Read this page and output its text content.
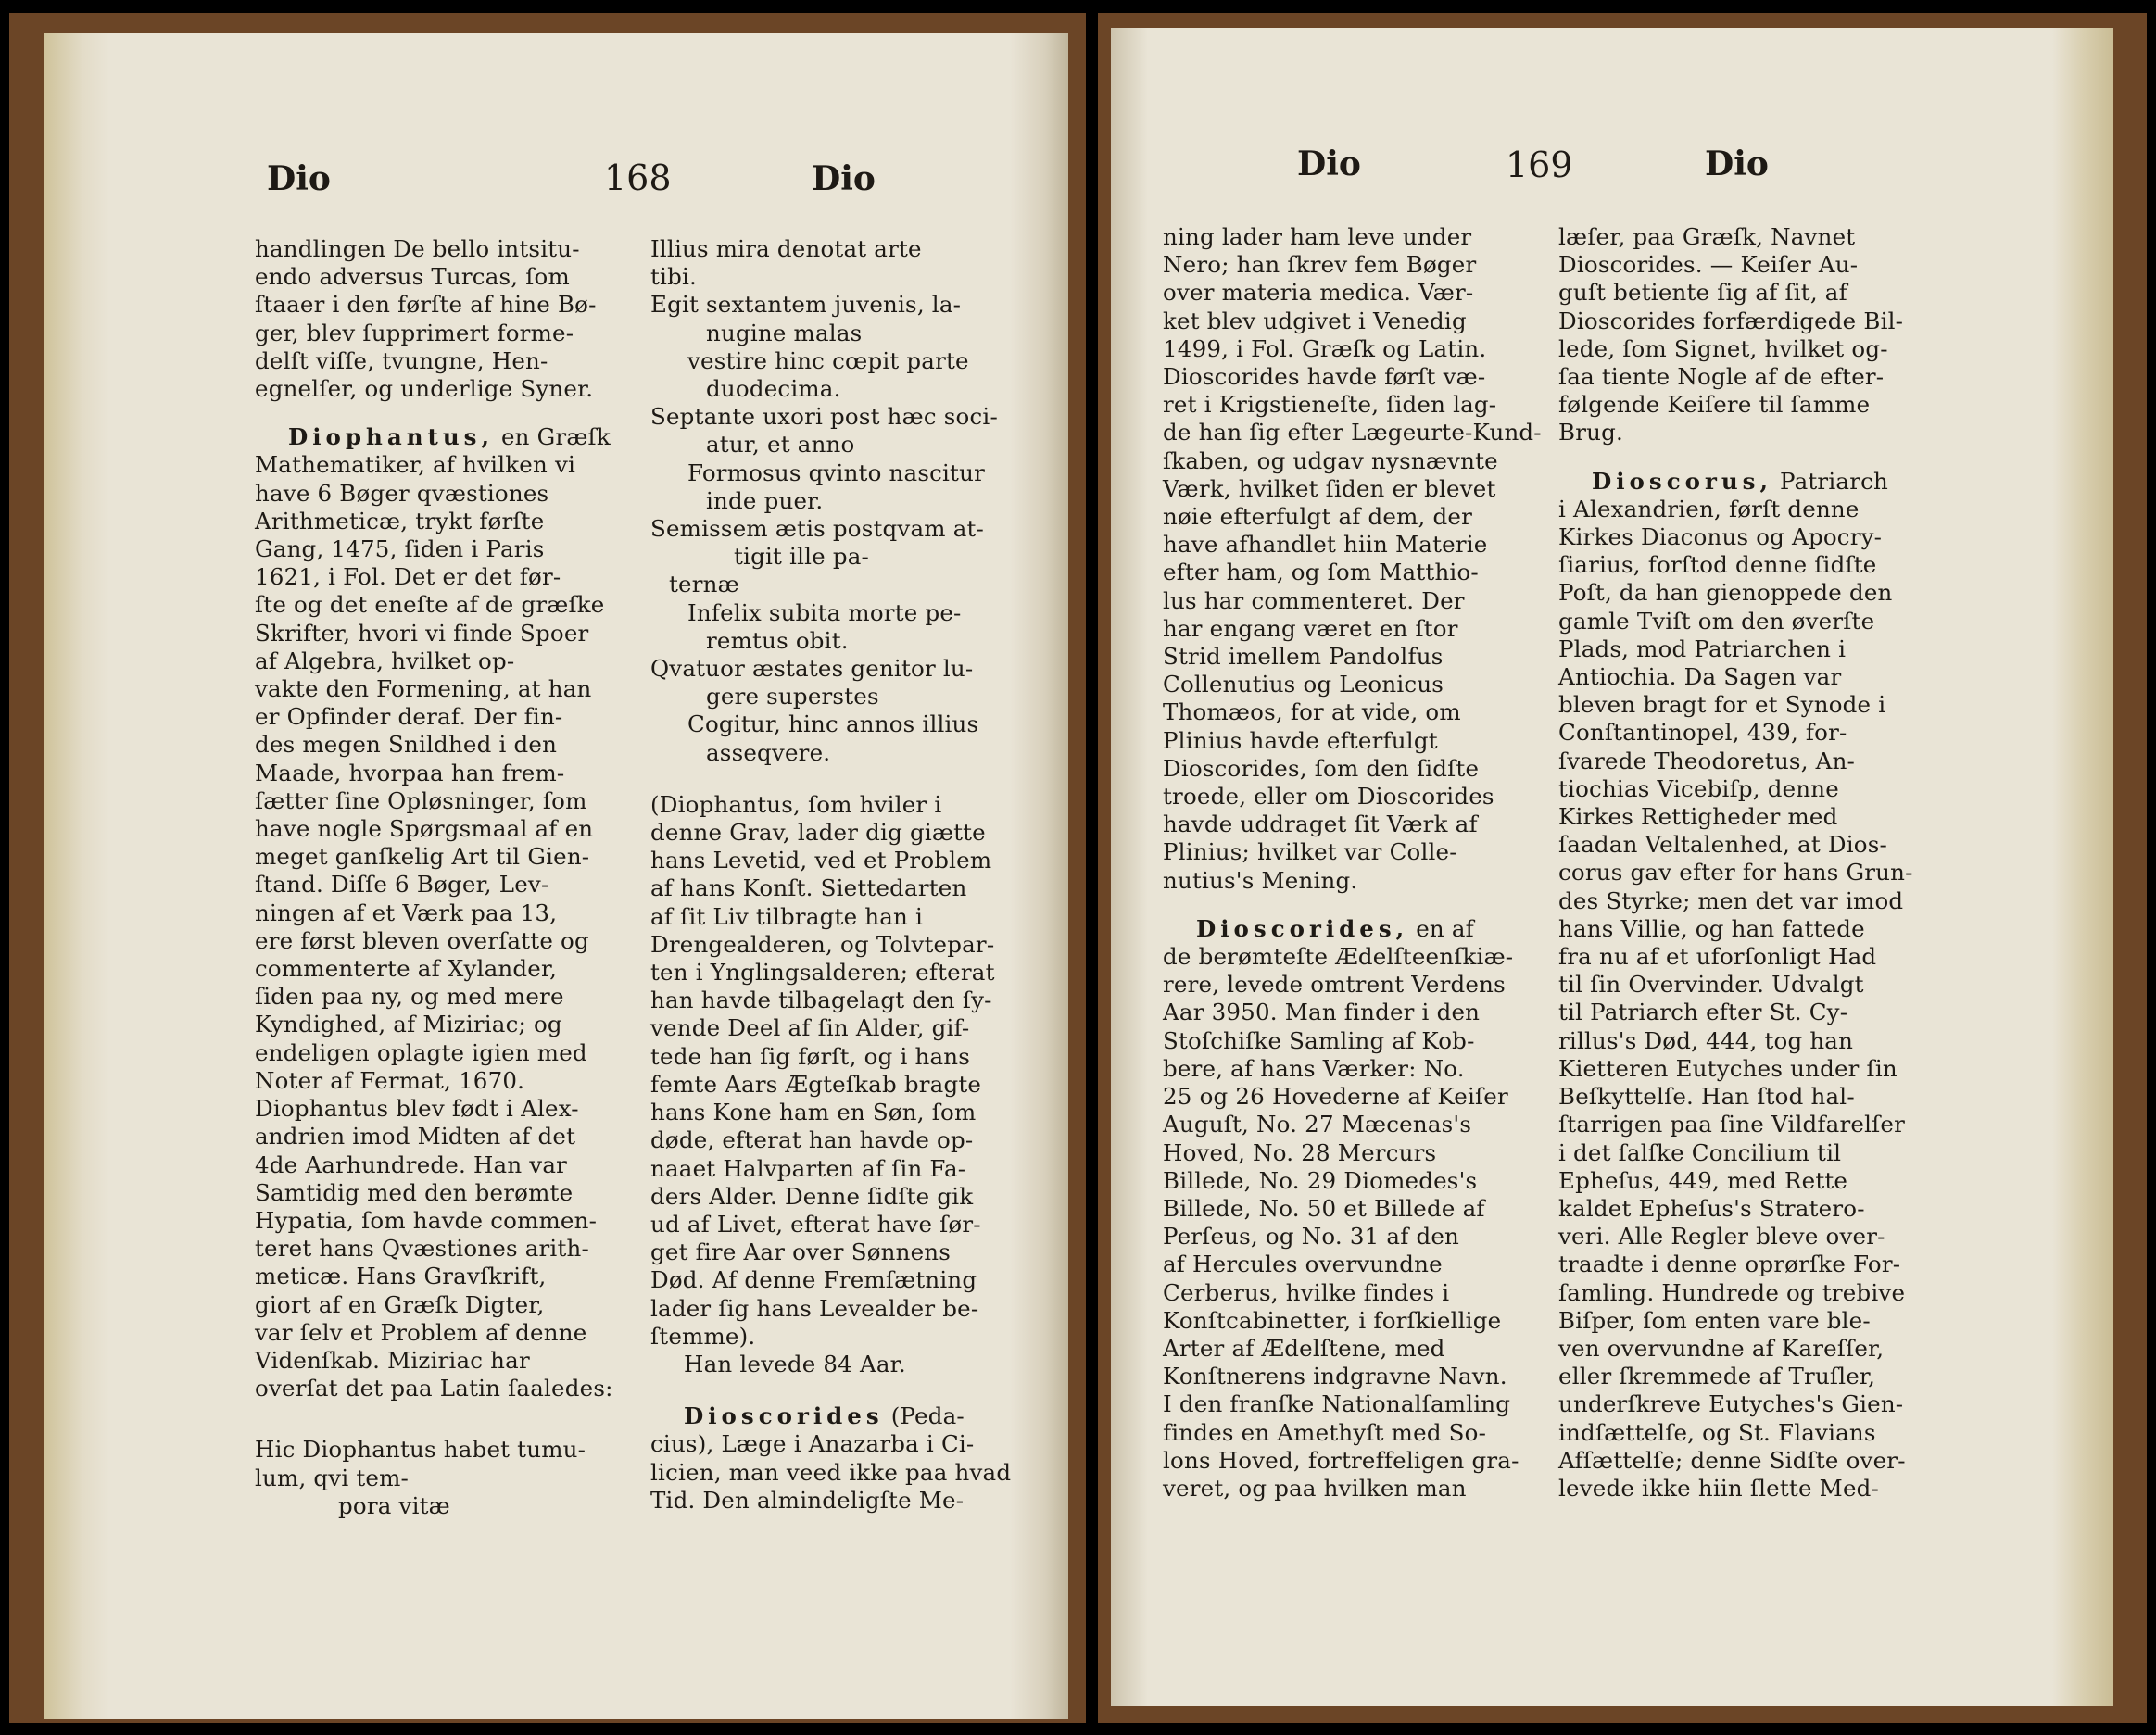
Dio	168	Dio

handlingen De bello intsitu-

endo adversus Turcas, ſom

ſtaaer i den førſte af hine Bø-

ger, blev ſupprimert forme-

delſt viſſe, tvungne, Hen-

egnelſer, og underlige Syner.

Diophantus, en Græſk

Mathematiker, af hvilken vi

have 6 Bøger qvæstiones

Arithmeticæ, trykt førſte

Gang, 1475, ſiden i Paris

1621, i Fol. Det er det før-

ſte og det eneſte af de græſke

Skrifter, hvori vi finde Spoer

af Algebra, hvilket op-

vakte den Formening, at han

er Opfinder deraf. Der fin-

des megen Snildhed i den

Maade, hvorpaa han frem-

ſætter ſine Opløsninger, ſom

have nogle Spørgsmaal af en

meget ganſkelig Art til Gien-

ſtand. Diſſe 6 Bøger, Lev-

ningen af et Værk paa 13,

ere først bleven overſatte og

commenterte af Xylander,

ſiden paa ny, og med mere

Kyndighed, af Miziriac; og

endeligen oplagte igien med

Noter af Fermat, 1670.

Diophantus blev født i Alex-

andrien imod Midten af det

4de Aarhundrede. Han var

Samtidig med den berømte

Hypatia, ſom havde commen-

teret hans Qvæstiones arith-

meticæ. Hans Gravſkrift,

giort af en Græſk Digter,

var ſelv et Problem af denne

Videnſkab. Miziriac har

overſat det paa Latin ſaaledes:

Hic Diophantus habet tumu-

lum, qvi tem-

pora vitæ

Illius mira denotat arte

tibi.

Egit sextantem juvenis, la-

nugine malas

vestire hinc cœpit parte

duodecima.

Septante uxori post hæc soci-

atur, et anno

Formosus qvinto nascitur

inde puer.

Semissem ætis postqvam at-

tigit ille pa-

ternæ

Infelix subita morte pe-

remtus obit.

Qvatuor æstates genitor lu-

gere superstes

Cogitur, hinc annos illius

asseqvere.

(Diophantus, ſom hviler i

denne Grav, lader dig giætte

hans Levetid, ved et Problem

af hans Konſt. Siettedarten

af ſit Liv tilbragte han i

Drengealderen, og Tolvtepar-

ten i Ynglingsalderen; efterat

han havde tilbagelagt den ſy-

vende Deel af ſin Alder, gif-

tede han ſig førſt, og i hans

femte Aars Ægteſkab bragte

hans Kone ham en Søn, ſom

døde, efterat han havde op-

naaet Halvparten af ſin Fa-

ders Alder. Denne ſidſte gik

ud af Livet, efterat have ſør-

get fire Aar over Sønnens

Død. Af denne Fremſætning

lader ſig hans Levealder be-

ſtemme).

Han levede 84 Aar.

Dioscorides (Peda-

cius), Læge i Anazarba i Ci-

licien, man veed ikke paa hvad

Tid. Den almindeligſte Me-

Dio	169	Dio

ning lader ham leve under

Nero; han ſkrev fem Bøger

over materia medica. Vær-

ket blev udgivet i Venedig

1499, i Fol. Græſk og Latin.

Dioscorides havde førſt væ-

ret i Krigstieneſte, ſiden lag-

de han ſig efter Lægeurte-Kund-

ſkaben, og udgav nysnævnte

Værk, hvilket ſiden er blevet

nøie efterfulgt af dem, der

have afhandlet hiin Materie

efter ham, og ſom Matthio-

lus har commenteret. Der

har engang været en ſtor

Strid imellem Pandolfus

Collenutius og Leonicus

Thomæos, for at vide, om

Plinius havde efterfulgt

Dioscorides, ſom den ſidſte

troede, eller om Dioscorides

havde uddraget ſit Værk af

Plinius; hvilket var Colle-

nutius's Mening.

Dioscorides, en af

de berømteſte Ædelſteenſkiæ-

rere, levede omtrent Verdens

Aar 3950. Man finder i den

Stoſchiſke Samling af Kob-

bere, af hans Værker: No.

25 og 26 Hovederne af Keiſer

Auguſt, No. 27 Mæcenas's

Hoved, No. 28 Mercurs

Billede, No. 29 Diomedes's

Billede, No. 50 et Billede af

Perſeus, og No. 31 af den

af Hercules overvundne

Cerberus, hvilke findes i

Konſtcabinetter, i forſkiellige

Arter af Ædelſtene, med

Konſtnerens indgravne Navn.

I den franſke Nationalſamling

findes en Amethyſt med So-

lons Hoved, fortreffeligen gra-

veret, og paa hvilken man

læſer, paa Græſk, Navnet

Dioscorides. — Keiſer Au-

guſt betiente ſig af ſit, af

Dioscorides forfærdigede Bil-

lede, ſom Signet, hvilket og-

ſaa tiente Nogle af de efter-

følgende Keiſere til ſamme

Brug.

Dioscorus, Patriarch

i Alexandrien, førſt denne

Kirkes Diaconus og Apocry-

ſiarius, forſtod denne ſidſte

Poſt, da han gienoppede den

gamle Tviſt om den øverſte

Plads, mod Patriarchen i

Antiochia. Da Sagen var

bleven bragt for et Synode i

Conſtantinopel, 439, for-

ſvarede Theodoretus, An-

tiochias Vicebiſp, denne

Kirkes Rettigheder med

ſaadan Veltalenhed, at Dios-

corus gav efter for hans Grun-

des Styrke; men det var imod

hans Villie, og han fattede

fra nu af et uforſonligt Had

til ſin Overvinder. Udvalgt

til Patriarch efter St. Cy-

rillus's Død, 444, tog han

Kietteren Eutyches under ſin

Beſkyttelſe. Han ſtod hal-

ſtarrigen paa ſine Vildfarelſer

i det ſalſke Concilium til

Epheſus, 449, med Rette

kaldet Epheſus's Stratero-

veri. Alle Regler bleve over-

traadte i denne oprørſke For-

ſamling. Hundrede og trebive

Biſper, ſom enten vare ble-

ven overvundne af Kareſſer,

eller ſkremmede af Truſler,

underſkreve Eutyches's Gien-

indſættelſe, og St. Flavians

Afſættelſe; denne Sidſte over-

levede ikke hiin ſlette Med-
